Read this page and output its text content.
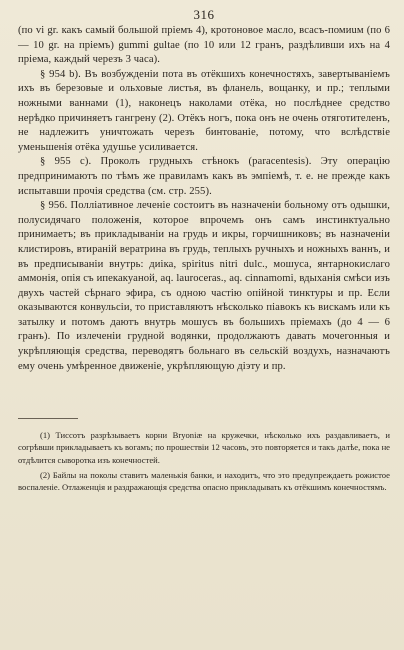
316

(по vi gr. какъ самый большой пріемъ 4), кротоновое масло, всасъ-помиuм (по 6 — 10 gr. на пріемъ) gummi gultae (по 10 или 12 гранъ, раздѣливши ихъ на 4 пріема, каждый черезъ 3 часа).

§ 954 b). Въ возбужденіи пота въ отёкшихъ конечностяхъ, завертываніемъ ихъ въ березовые и ольховые листья, въ фланель, вощанку, и пр.; теплыми ножными ваннами (1), наконецъ наколами отёка, но послѣднее средство нерѣдко причиняетъ гангрену (2). Отёкъ ногъ, пока онъ не очень отяготителенъ, не надлежитъ уничтожать черезъ бинтованіе, потому, что вслѣдствіе уменьшенія отёка удушье усиливается.

§ 955 с). Проколъ грудныхъ стѣнокъ (paracentesis). Эту операцію предпринимаютъ по тѣмъ же правиламъ какъ въ эмпіемѣ, т. е. не прежде какъ испытавши прочія средства (см. стр. 255).

§ 956. Полліативное леченіе состоитъ въ назначеніи больному отъ одышки, полусидячаго положенія, которое впрочемъ онъ самъ инстинктуально принимаетъ; въ прикладываніи на грудь и икры, горчишниковъ; въ назначеніи клистировъ, втираній вератрина въ грудь, теплыхъ ручныхъ и ножныхъ ваннъ, и въ предписываніи внутрь: диіка, spiritus nitri dulc., мошуса, янтарнокислаго аммонія, опія съ ипекакуаной, aq. laurocerаs., aq. cinnamomi, вдыханія смѣси изъ двухъ частей сѣрнаго эфира, съ одною частію опійной тинктуры и пр. Если оказываются конвульсіи, то приставляютъ нѣсколько піавокъ къ вискамъ или къ затылку и потомъ даютъ внутрь мошусъ въ большихъ пріемахъ (до 4 — 6 гранъ). По излеченіи грудной водянки, продолжаютъ давать мочегонныя и укрѣпляющія средства, переводятъ больнаго въ сельскій воздухъ, назначаютъ ему очень умѣренное движеніе, укрѣпляющую діэту и пр.

(1) Тиссотъ разрѣзываетъ корни Bryoniæ на кружечки, нѣсколько ихъ раздавливаетъ, и согрѣвши прикладываетъ къ вогамъ; по прошествіи 12 часовъ, это повторяется и такъ далѣе, пока не отдѣлится сыворотка изъ конечностей.

(2) Байлы на поколы ставитъ маленькія банки, и находитъ, что это предупреждаетъ рожистое воспаленіе. Отлаженція и раздражающія средства опасно прикладывать къ отёкшимъ конечностямъ.
